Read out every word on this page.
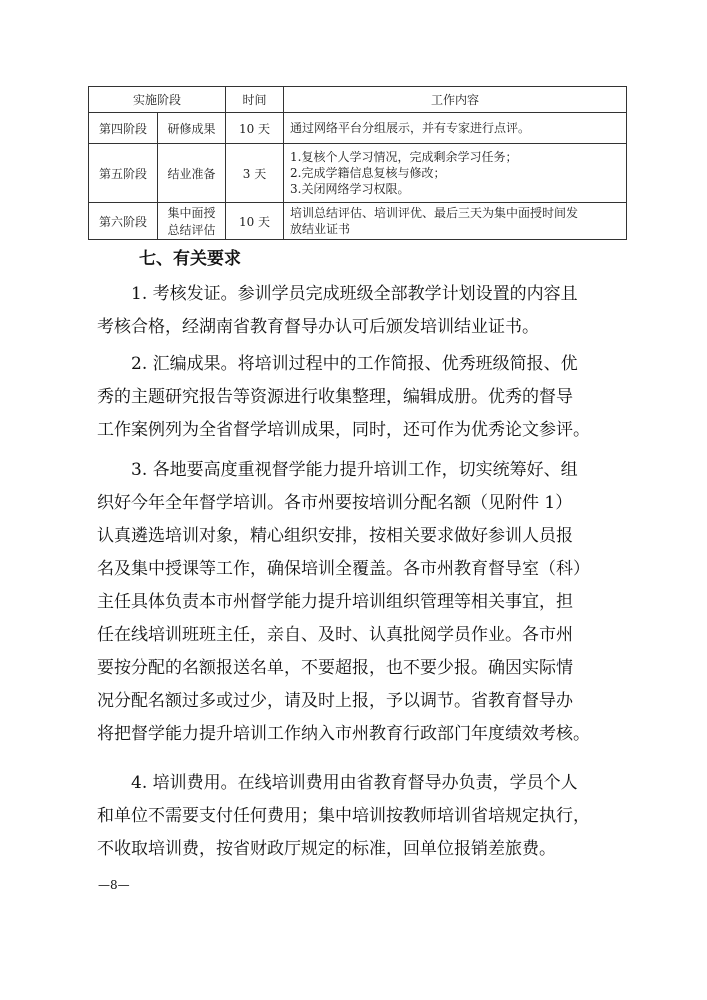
实施阶段		时间	工作内容
第四阶段	研修成果	10 天	通过网络平台分组展示，并有专家进行点评。

第五阶段	结业准备	3 天	1.复核个人学习情况，完成剩余学习任务；
2.完成学籍信息复核与修改；
3.关闭网络学习权限。

第六阶段	集中面授
总结评估	10 天	培训总结评估、培训评优、最后三天为集中面授时间发
放结业证书
七、有关要求

1. 考核发证。参训学员完成班级全部教学计划设置的内容且
考核合格，经湖南省教育督导办认可后颁发培训结业证书。

2. 汇编成果。将培训过程中的工作简报、优秀班级简报、优
秀的主题研究报告等资源进行收集整理，编辑成册。优秀的督导
工作案例列为全省督学培训成果，同时，还可作为优秀论文参评。

3. 各地要高度重视督学能力提升培训工作，切实统筹好、组
织好今年全年督学培训。各市州要按培训分配名额（见附件 1）
认真遴选培训对象，精心组织安排，按相关要求做好参训人员报
名及集中授课等工作，确保培训全覆盖。各市州教育督导室（科）
主任具体负责本市州督学能力提升培训组织管理等相关事宜，担
任在线培训班班主任，亲自、及时、认真批阅学员作业。各市州
要按分配的名额报送名单，不要超报，也不要少报。确因实际情
况分配名额过多或过少，请及时上报，予以调节。省教育督导办
将把督学能力提升培训工作纳入市州教育行政部门年度绩效考核。

4. 培训费用。在线培训费用由省教育督导办负责，学员个人
和单位不需要支付任何费用；集中培训按教师培训省培规定执行，
不收取培训费，按省财政厅规定的标准，回单位报销差旅费。

—8—
